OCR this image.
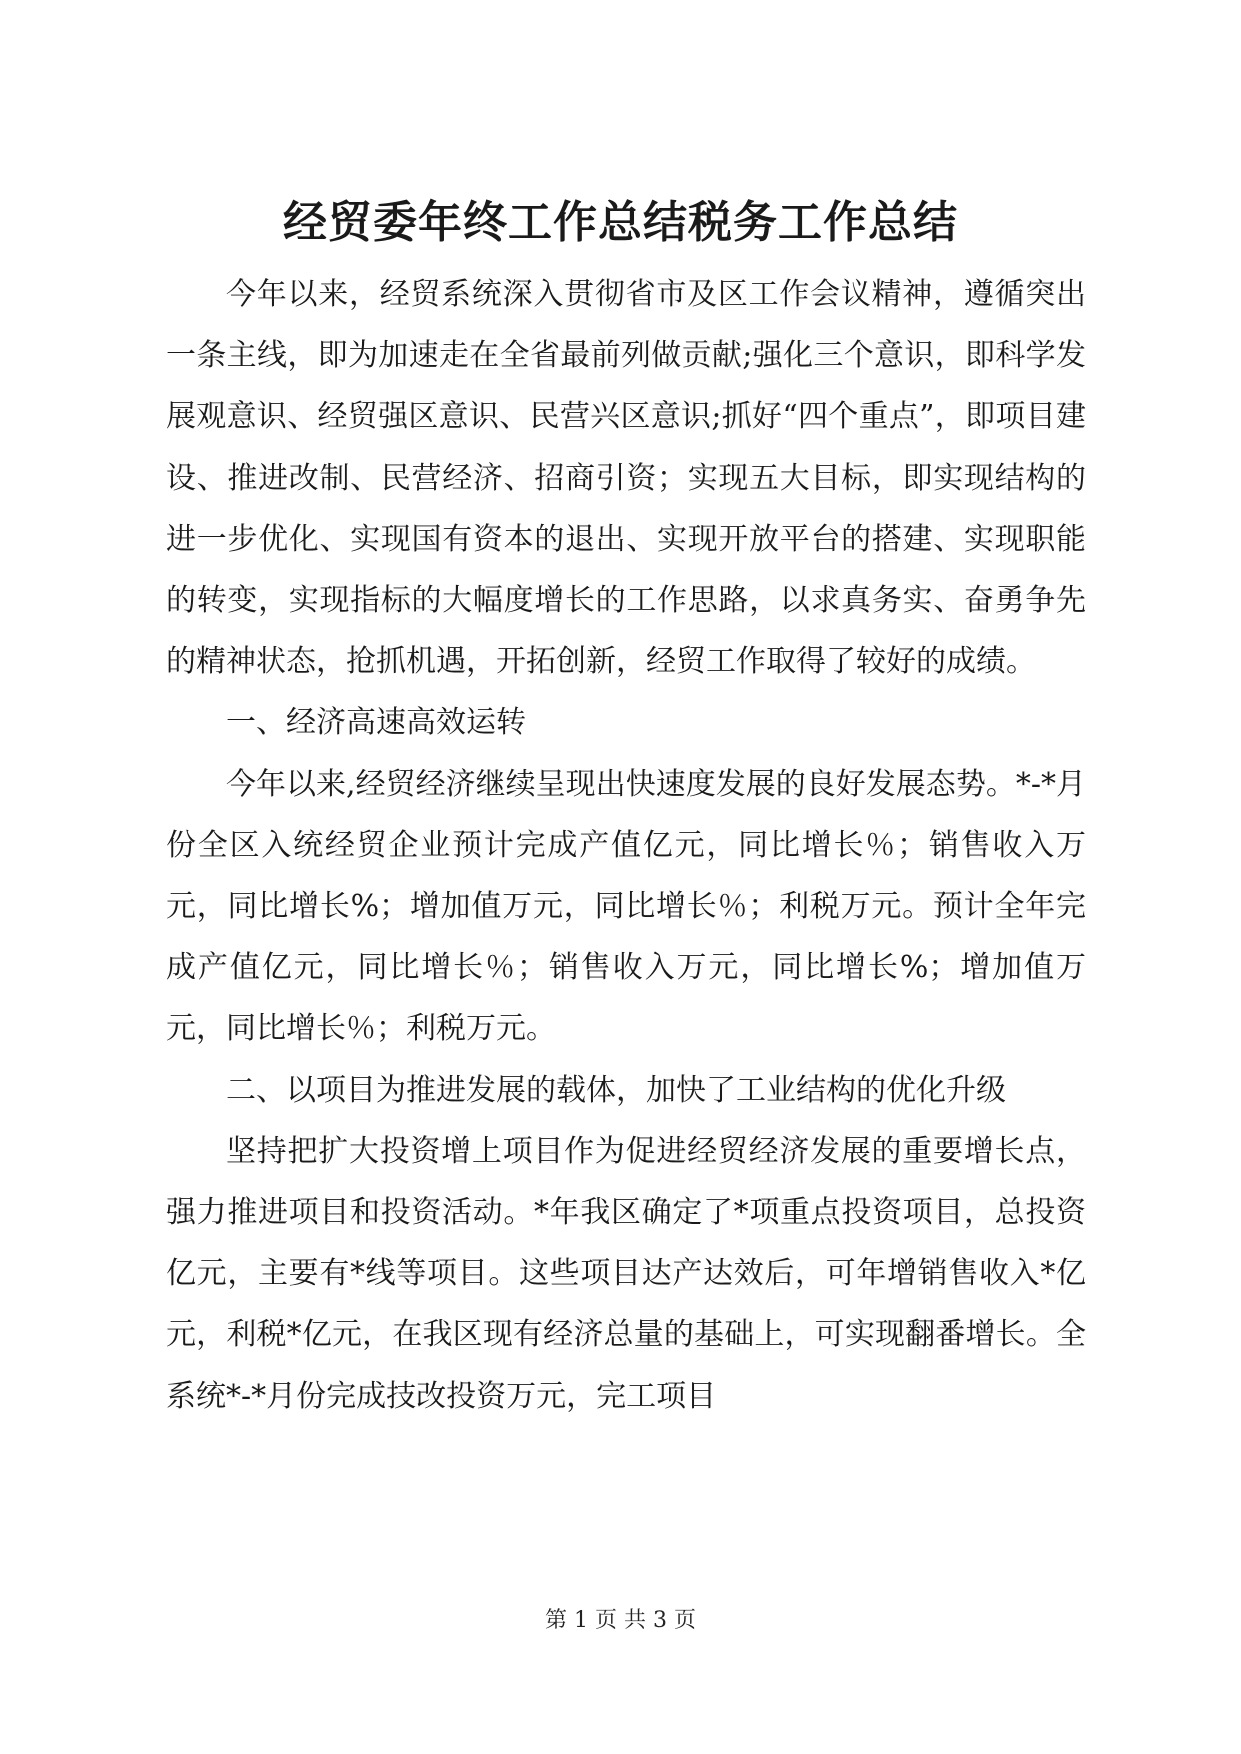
经贸委年终工作总结税务工作总结

今年以来，经贸系统深入贯彻省市及区工作会议精神，遵循突出一条主线，即为加速走在全省最前列做贡献;强化三个意识，即科学发展观意识、经贸强区意识、民营兴区意识;抓好“四个重点”，即项目建设、推进改制、民营经济、招商引资；实现五大目标，即实现结构的进一步优化、实现国有资本的退出、实现开放平台的搭建、实现职能的转变，实现指标的大幅度增长的工作思路，以求真务实、奋勇争先的精神状态，抢抓机遇，开拓创新，经贸工作取得了较好的成绩。

一、经济高速高效运转

今年以来,经贸经济继续呈现出快速度发展的良好发展态势。*-*月份全区入统经贸企业预计完成产值亿元，同比增长％；销售收入万元，同比增长%；增加值万元，同比增长％；利税万元。预计全年完成产值亿元，同比增长％；销售收入万元，同比增长%；增加值万元，同比增长％；利税万元。

二、以项目为推进发展的载体，加快了工业结构的优化升级

坚持把扩大投资增上项目作为促进经贸经济发展的重要增长点，强力推进项目和投资活动。*年我区确定了*项重点投资项目，总投资亿元，主要有*线等项目。这些项目达产达效后，可年增销售收入*亿元，利税*亿元，在我区现有经济总量的基础上，可实现翻番增长。全系统*-*月份完成技改投资万元，完工项目

第 1 页 共 3 页
